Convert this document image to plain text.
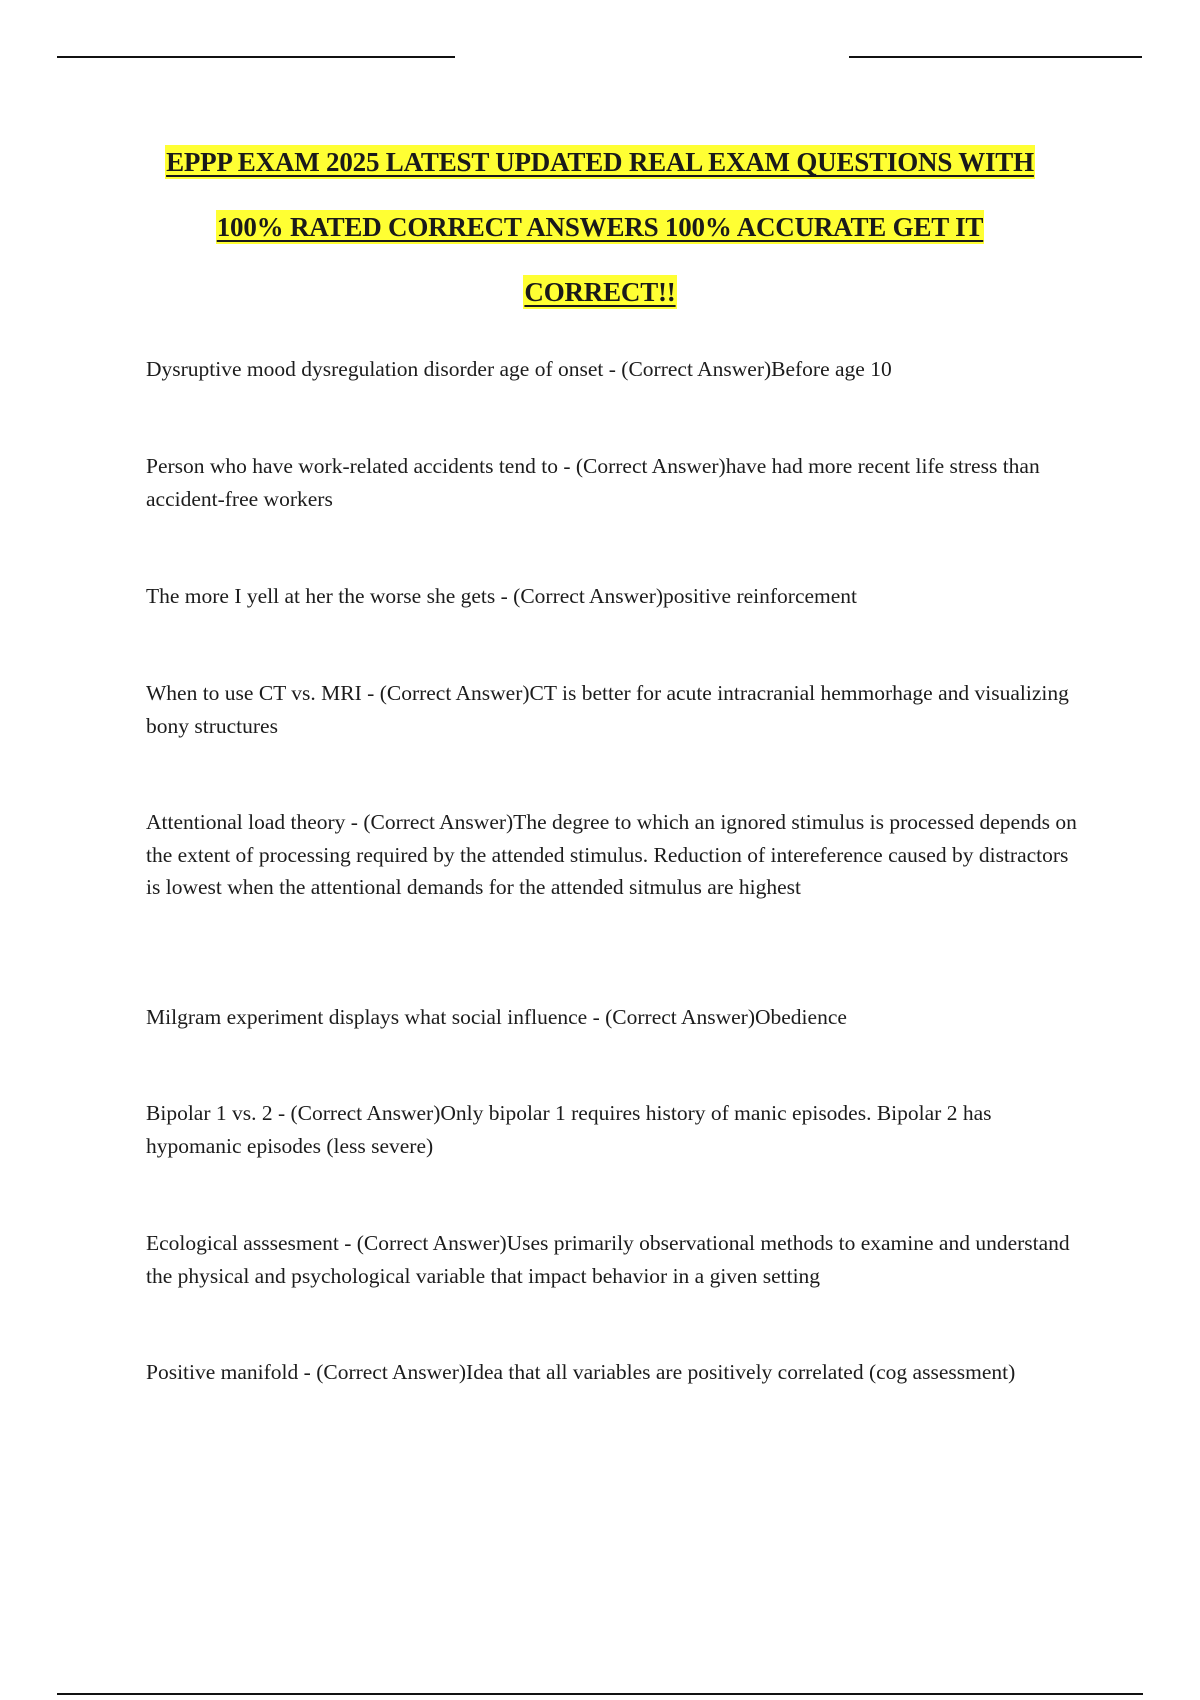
EPPP EXAM 2025 LATEST UPDATED REAL EXAM QUESTIONS WITH
100% RATED CORRECT ANSWERS 100% ACCURATE GET IT
CORRECT!!

Dysruptive mood dysregulation disorder age of onset - (Correct Answer)Before age 10

Person who have work-related accidents tend to - (Correct Answer)have had more recent life stress than accident-free workers

The more I yell at her the worse she gets - (Correct Answer)positive reinforcement

When to use CT vs. MRI - (Correct Answer)CT is better for acute intracranial hemmorhage and visualizing bony structures

Attentional load theory - (Correct Answer)The degree to which an ignored stimulus is processed depends on the extent of processing required by the attended stimulus. Reduction of intereference caused by distractors is lowest when the attentional demands for the attended sitmulus are highest

Milgram experiment displays what social influence - (Correct Answer)Obedience

Bipolar 1 vs. 2 - (Correct Answer)Only bipolar 1 requires history of manic episodes. Bipolar 2 has hypomanic episodes (less severe)

Ecological asssesment - (Correct Answer)Uses primarily observational methods to examine and understand the physical and psychological variable that impact behavior in a given setting

Positive manifold - (Correct Answer)Idea that all variables are positively correlated (cog assessment)
